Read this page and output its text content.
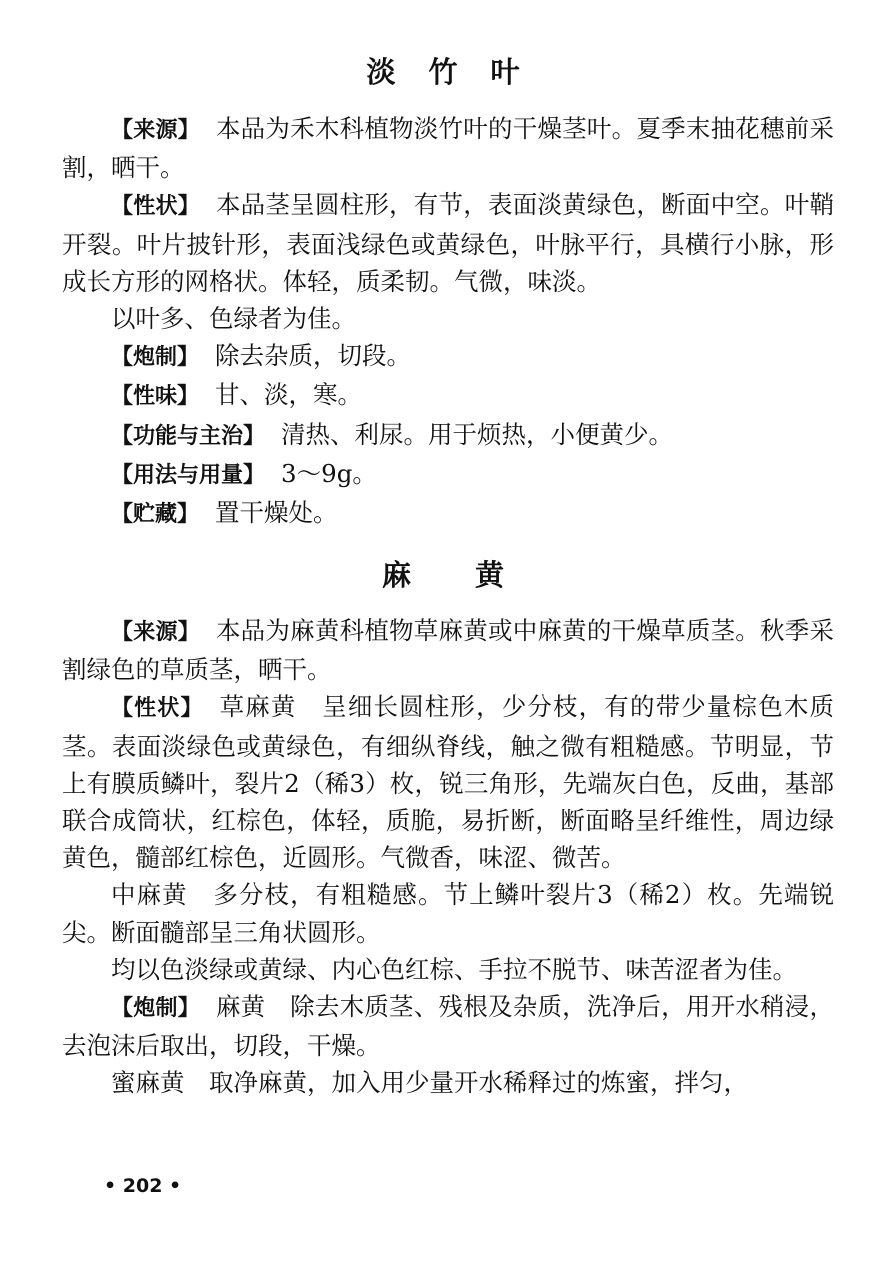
淡　竹　叶

【来源】 本品为禾木科植物淡竹叶的干燥茎叶。夏季末抽花穗前采割，晒干。

【性状】 本品茎呈圆柱形，有节，表面淡黄绿色，断面中空。叶鞘开裂。叶片披针形，表面浅绿色或黄绿色，叶脉平行，具横行小脉，形成长方形的网格状。体轻，质柔韧。气微，味淡。

以叶多、色绿者为佳。

【炮制】 除去杂质，切段。

【性味】 甘、淡，寒。

【功能与主治】 清热、利尿。用于烦热，小便黄少。

【用法与用量】 3～9g。

【贮藏】 置干燥处。

麻　　黄

【来源】 本品为麻黄科植物草麻黄或中麻黄的干燥草质茎。秋季采割绿色的草质茎，晒干。

【性状】 草麻黄　呈细长圆柱形，少分枝，有的带少量棕色木质茎。表面淡绿色或黄绿色，有细纵脊线，触之微有粗糙感。节明显，节上有膜质鳞叶，裂片2（稀3）枚，锐三角形，先端灰白色，反曲，基部联合成筒状，红棕色，体轻，质脆，易折断，断面略呈纤维性，周边绿黄色，髓部红棕色，近圆形。气微香，味涩、微苦。

中麻黄　多分枝，有粗糙感。节上鳞叶裂片3（稀2）枚。先端锐尖。断面髓部呈三角状圆形。

均以色淡绿或黄绿、内心色红棕、手拉不脱节、味苦涩者为佳。

【炮制】 麻黄　除去木质茎、残根及杂质，洗净后，用开水稍浸，去泡沫后取出，切段，干燥。

蜜麻黄　取净麻黄，加入用少量开水稀释过的炼蜜，拌匀，

• 202 •
